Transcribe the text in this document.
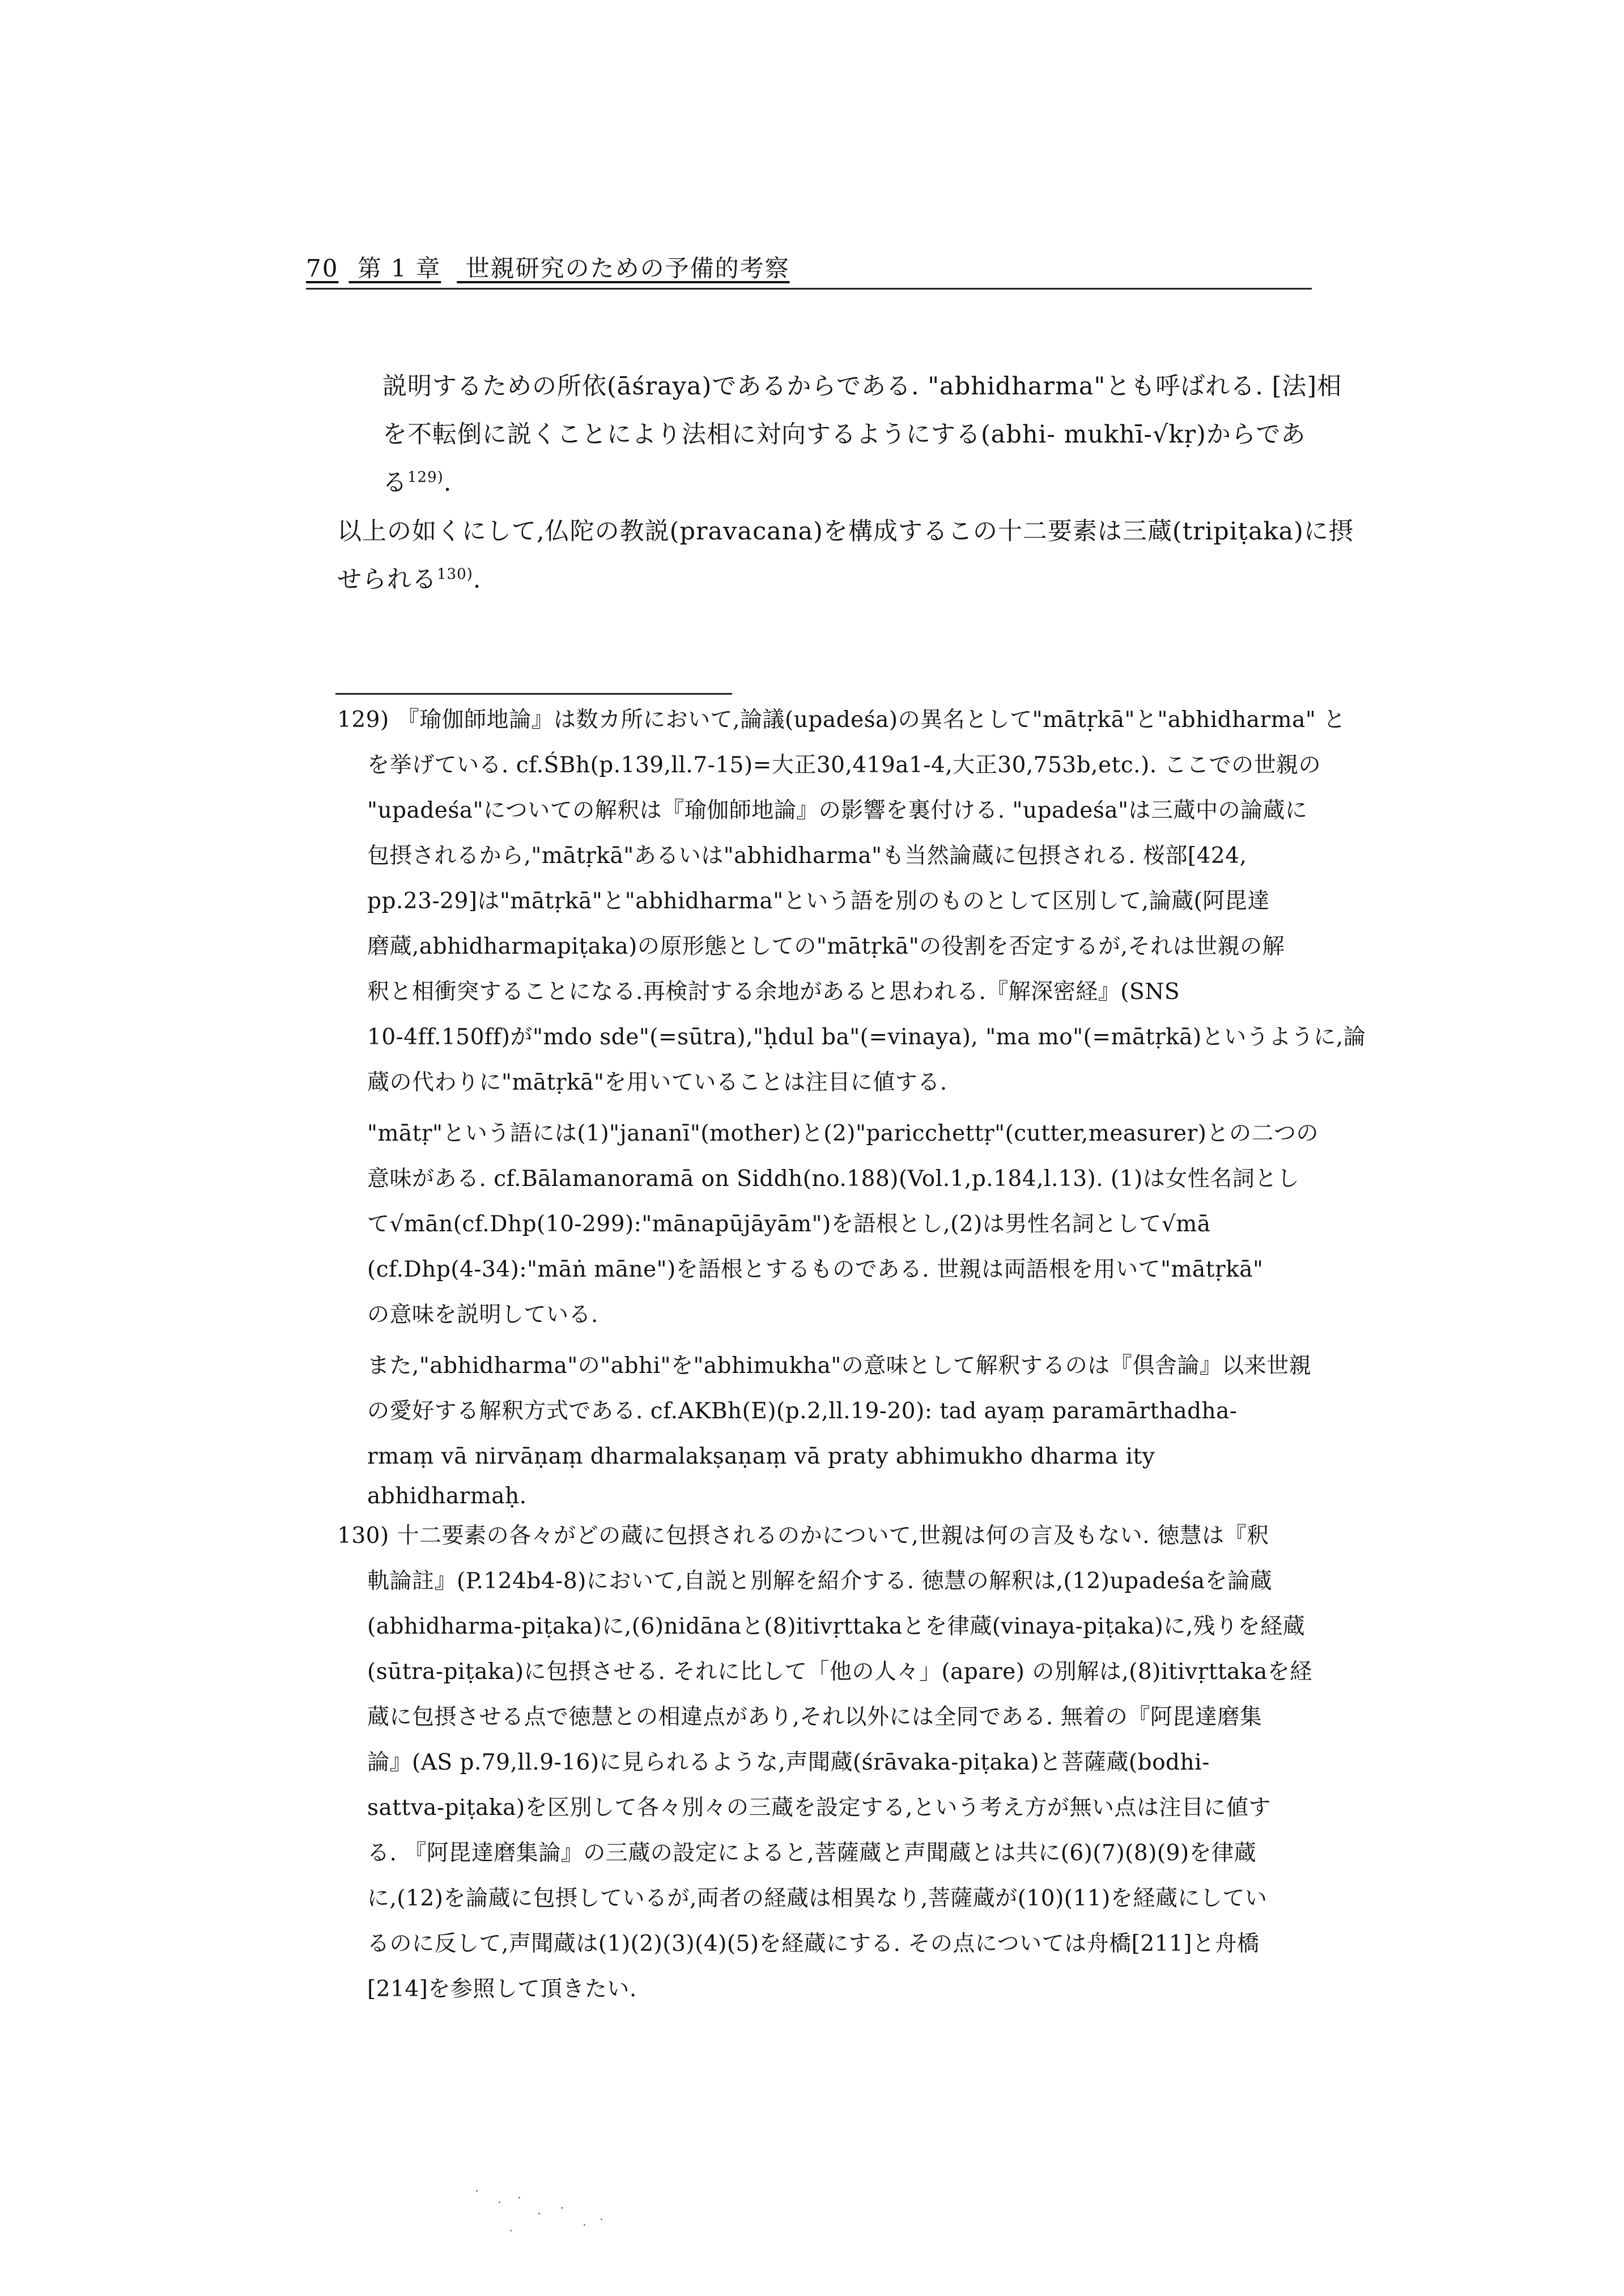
70 第 1 章 世親研究のための予備的考察
説明するための所依(āśraya)であるからである. "abhidharma"とも呼ばれる. [法]相
を不転倒に説くことにより法相に対向するようにする(abhi- mukhī-√kṛ)からであ
る$^{129)}$.
以上の如くにして,仏陀の教説(pravacana)を構成するこの十二要素は三蔵(tripiṭaka)に摂
せられる$^{130)}$.
129) 『瑜伽師地論』は数カ所において,論議(upadeśa)の異名として"mātṛkā"と"abhidharma" と
を挙げている. cf.ŚBh(p.139,ll.7-15)=大正30,419a1-4,大正30,753b,etc.). ここでの世親の
"upadeśa"についての解釈は『瑜伽師地論』の影響を裏付ける. "upadeśa"は三蔵中の論蔵に
包摂されるから,"mātṛkā"あるいは"abhidharma"も当然論蔵に包摂される. 桜部[424,
pp.23-29]は"mātṛkā"と"abhidharma"という語を別のものとして区別して,論蔵(阿毘達
磨蔵,abhidharmapiṭaka)の原形態としての"mātṛkā"の役割を否定するが,それは世親の解
釈と相衝突することになる.再検討する余地があると思われる.『解深密経』(SNS
10-4ff.150ff)が"mdo sde"(=sūtra),"ḥdul ba"(=vinaya), "ma mo"(=mātṛkā)というように,論
蔵の代わりに"mātṛkā"を用いていることは注目に値する.
"mātṛ"という語には(1)"jananī"(mother)と(2)"paricchettṛ"(cutter,measurer)との二つの
意味がある. cf.Bālamanoramā on Siddh(no.188)(Vol.1,p.184,l.13). (1)は女性名詞とし
て√mān(cf.Dhp(10-299):"mānapūjāyām")を語根とし,(2)は男性名詞として√mā
(cf.Dhp(4-34):"māṅ māne")を語根とするものである. 世親は両語根を用いて"mātṛkā"
の意味を説明している.
また,"abhidharma"の"abhi"を"abhimukha"の意味として解釈するのは『倶舎論』以来世親
の愛好する解釈方式である. cf.AKBh(E)(p.2,ll.19-20): tad ayaṃ paramārthadha-
rmaṃ vā nirvāṇaṃ dharmalakṣaṇaṃ vā praty abhimukho dharma ity
abhidharmaḥ.
130) 十二要素の各々がどの蔵に包摂されるのかについて,世親は何の言及もない. 徳慧は『釈
軌論註』(P.124b4-8)において,自説と別解を紹介する. 徳慧の解釈は,(12)upadeśaを論蔵
(abhidharma-piṭaka)に,(6)nidānaと(8)itivṛttakaとを律蔵(vinaya-piṭaka)に,残りを経蔵
(sūtra-piṭaka)に包摂させる. それに比して「他の人々」(apare) の別解は,(8)itivṛttakaを経
蔵に包摂させる点で徳慧との相違点があり,それ以外には全同である. 無着の『阿毘達磨集
論』(AS p.79,ll.9-16)に見られるような,声聞蔵(śrāvaka-piṭaka)と菩薩蔵(bodhi-
sattva-piṭaka)を区別して各々別々の三蔵を設定する,という考え方が無い点は注目に値す
る. 『阿毘達磨集論』の三蔵の設定によると,菩薩蔵と声聞蔵とは共に(6)(7)(8)(9)を律蔵
に,(12)を論蔵に包摂しているが,両者の経蔵は相異なり,菩薩蔵が(10)(11)を経蔵にしてい
るのに反して,声聞蔵は(1)(2)(3)(4)(5)を経蔵にする. その点については舟橋[211]と舟橋
[214]を参照して頂きたい.
